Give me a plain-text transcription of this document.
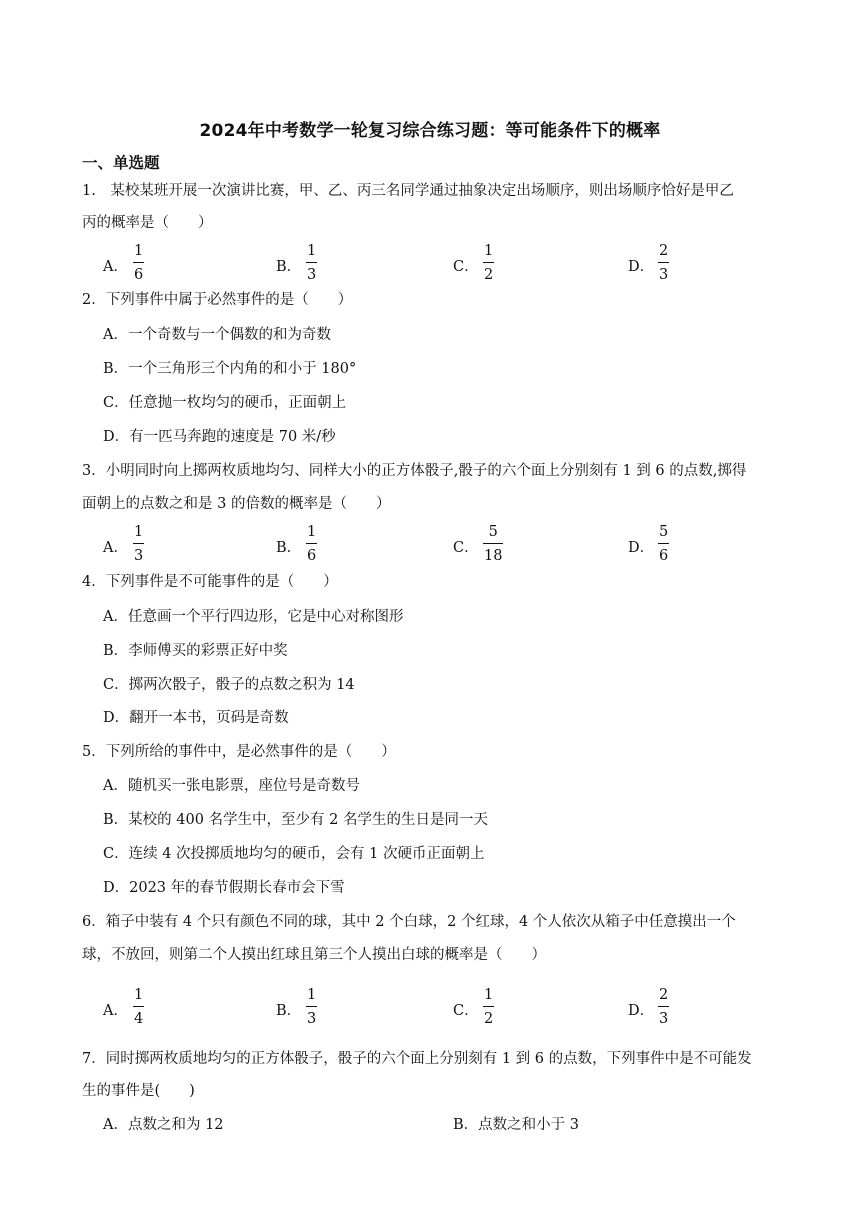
2024年中考数学一轮复习综合练习题：等可能条件下的概率
一、单选题
1.　某校某班开展一次演讲比赛，甲、乙、丙三名同学通过抽象决定出场顺序，则出场顺序恰好是甲乙
丙的概率是（　　）
A．
1
6	B．
1
3	C．
1
2	D．
2
3
2．下列事件中属于必然事件的是（　　）
A．一个奇数与一个偶数的和为奇数
B．一个三角形三个内角的和小于 180°
C．任意抛一枚均匀的硬币，正面朝上
D．有一匹马奔跑的速度是 70 米/秒
3．小明同时向上掷两枚质地均匀、同样大小的正方体骰子,骰子的六个面上分别刻有 1 到 6 的点数,掷得
面朝上的点数之和是 3 的倍数的概率是（　　）
A．
1
3	B．
1
6	C．
5
18	D．
5
6
4．下列事件是不可能事件的是（　　）
A．任意画一个平行四边形，它是中心对称图形
B．李师傅买的彩票正好中奖
C．掷两次骰子，骰子的点数之积为 14
D．翻开一本书，页码是奇数
5．下列所给的事件中，是必然事件的是（　　）
A．随机买一张电影票，座位号是奇数号
B．某校的 400 名学生中，至少有 2 名学生的生日是同一天
C．连续 4 次投掷质地均匀的硬币，会有 1 次硬币正面朝上
D．2023 年的春节假期长春市会下雪
6．箱子中装有 4 个只有颜色不同的球，其中 2 个白球，2 个红球，4 个人依次从箱子中任意摸出一个
球，不放回，则第二个人摸出红球且第三个人摸出白球的概率是（　　）
A．
1
4	B．
1
3	C．
1
2	D．
2
3
7．同时掷两枚质地均匀的正方体骰子，骰子的六个面上分别刻有 1 到 6 的点数，下列事件中是不可能发
生的事件是(　　)
A．点数之和为 12	B．点数之和小于 3
